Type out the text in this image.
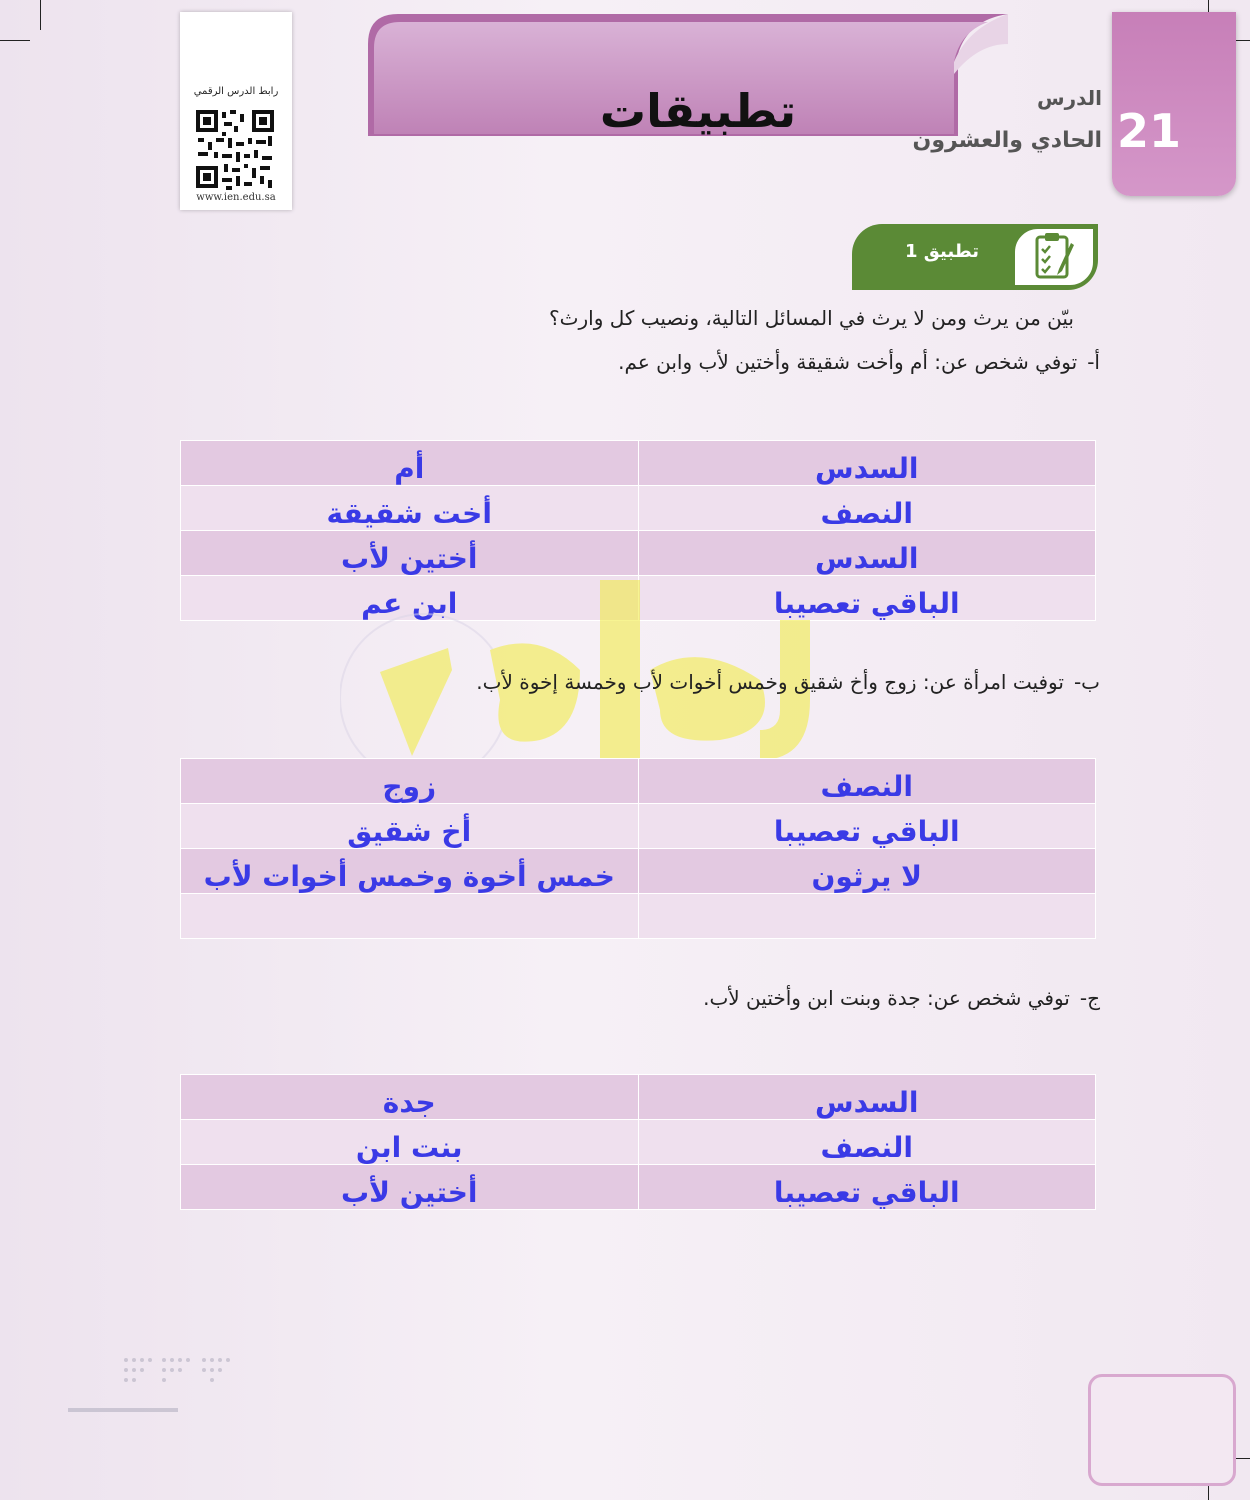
رابط الدرس الرقمي
www.ien.edu.sa
تطبيقات	21
الدرس
الحادي والعشرون
تطبيق 1
بيّن من يرث ومن لا يرث في المسائل التالية، ونصيب كل وارث؟
أ-توفي شخص عن: أم وأخت شقيقة وأختين لأب وابن عم.
أم	السدس
أخت شقيقة	النصف
أختين لأب	السدس
ابن عم	الباقي تعصيبا
ب-توفيت امرأة عن: زوج وأخ شقيق وخمس أخوات لأب وخمسة إخوة لأب.
زوج	النصف
أخ شقيق	الباقي تعصيبا
خمس أخوة وخمس أخوات لأب	لا يرثون

ج-توفي شخص عن: جدة وبنت ابن وأختين لأب.
جدة	السدس
بنت ابن	النصف
أختين لأب	الباقي تعصيبا
